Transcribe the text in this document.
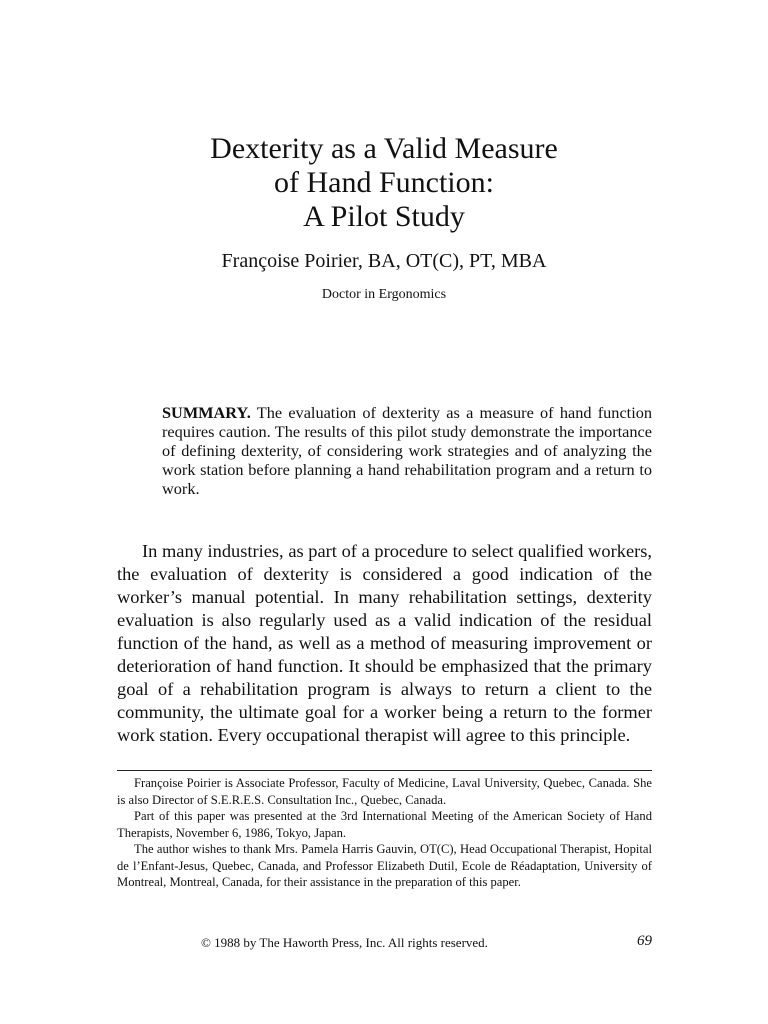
Dexterity as a Valid Measure
of Hand Function:
A Pilot Study
Françoise Poirier, BA, OT(C), PT, MBA
Doctor in Ergonomics

SUMMARY. The evaluation of dexterity as a measure of hand function requires caution. The results of this pilot study demonstrate the importance of defining dexterity, of considering work strategies and of analyzing the work station before planning a hand rehabilitation program and a return to work.

In many industries, as part of a procedure to select qualified workers, the evaluation of dexterity is considered a good indication of the worker’s manual potential. In many rehabilitation settings, dexterity evaluation is also regularly used as a valid indication of the residual function of the hand, as well as a method of measuring improvement or deterioration of hand function. It should be emphasized that the primary goal of a rehabilitation program is always to return a client to the community, the ultimate goal for a worker being a return to the former work station. Every occupational therapist will agree to this principle.

Françoise Poirier is Associate Professor, Faculty of Medicine, Laval University, Quebec, Canada. She is also Director of S.E.R.E.S. Consultation Inc., Quebec, Canada.

Part of this paper was presented at the 3rd International Meeting of the American Society of Hand Therapists, November 6, 1986, Tokyo, Japan.

The author wishes to thank Mrs. Pamela Harris Gauvin, OT(C), Head Occupational Therapist, Hopital de l’Enfant-Jesus, Quebec, Canada, and Professor Elizabeth Dutil, Ecole de Réadaptation, University of Montreal, Montreal, Canada, for their assistance in the preparation of this paper.

© 1988 by The Haworth Press, Inc. All rights reserved.	69
